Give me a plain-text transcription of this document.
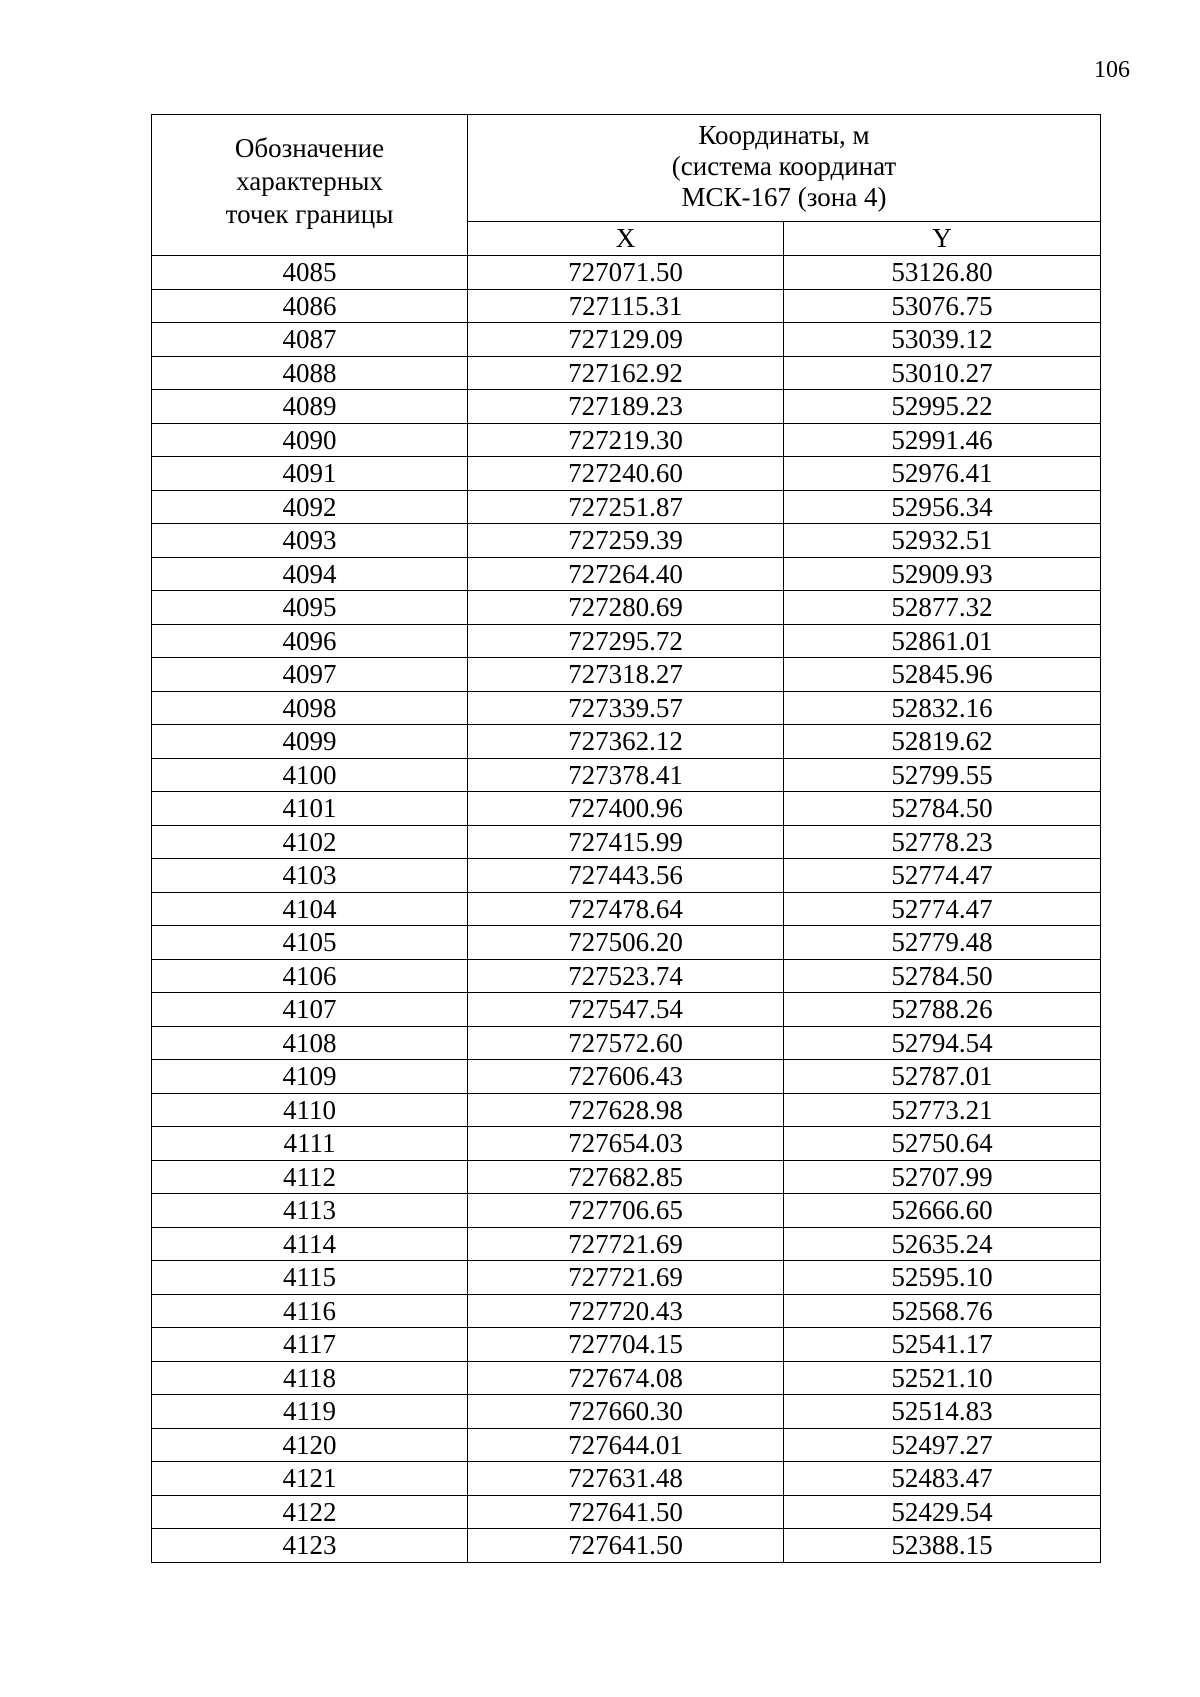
106
Обозначение
характерных
точек границы	Координаты, м
(система координат
МСК-167 (зона 4)	

	X	Y
4085	727071.50	53126.80
4086	727115.31	53076.75
4087	727129.09	53039.12
4088	727162.92	53010.27
4089	727189.23	52995.22
4090	727219.30	52991.46
4091	727240.60	52976.41
4092	727251.87	52956.34
4093	727259.39	52932.51
4094	727264.40	52909.93
4095	727280.69	52877.32
4096	727295.72	52861.01
4097	727318.27	52845.96
4098	727339.57	52832.16
4099	727362.12	52819.62
4100	727378.41	52799.55
4101	727400.96	52784.50
4102	727415.99	52778.23
4103	727443.56	52774.47
4104	727478.64	52774.47
4105	727506.20	52779.48
4106	727523.74	52784.50
4107	727547.54	52788.26
4108	727572.60	52794.54
4109	727606.43	52787.01
4110	727628.98	52773.21
4111	727654.03	52750.64
4112	727682.85	52707.99
4113	727706.65	52666.60
4114	727721.69	52635.24
4115	727721.69	52595.10
4116	727720.43	52568.76
4117	727704.15	52541.17
4118	727674.08	52521.10
4119	727660.30	52514.83
4120	727644.01	52497.27
4121	727631.48	52483.47
4122	727641.50	52429.54
4123	727641.50	52388.15
